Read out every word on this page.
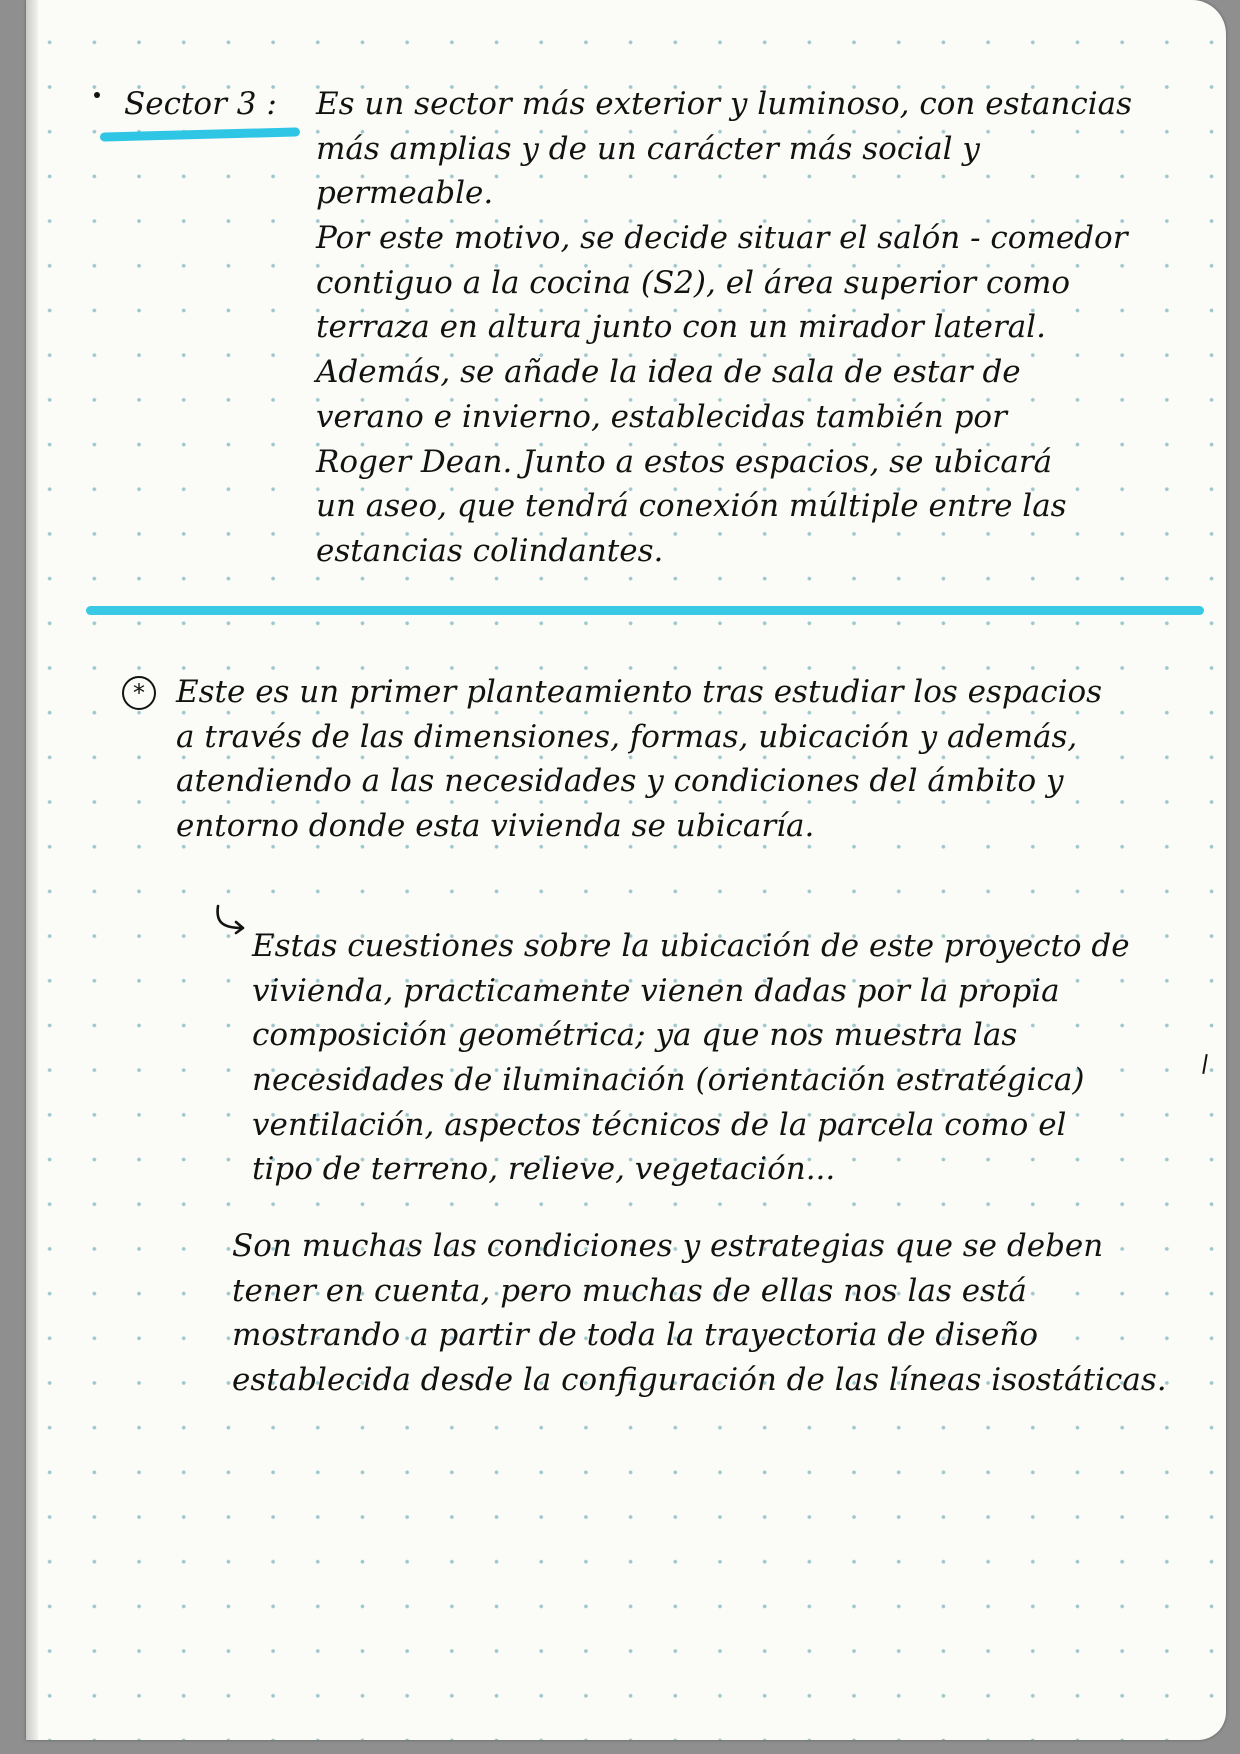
Sector 3 : Es un sector más exterior y luminoso, con estancias
más amplias y de un carácter más social y
permeable.
Por este motivo, se decide situar el salón - comedor
contiguo a la cocina (S2), el área superior como
terraza en altura junto con un mirador lateral.
Además, se añade la idea de sala de estar de
verano e invierno, establecidas también por
Roger Dean. Junto a estos espacios, se ubicará
un aseo, que tendrá conexión múltiple entre las
estancias colindantes.
*	Este es un primer planteamiento tras estudiar los espacios
a través de las dimensiones, formas, ubicación y además,
atendiendo a las necesidades y condiciones del ámbito y
entorno donde esta vivienda se ubicaría.
Estas cuestiones sobre la ubicación de este proyecto de
vivienda, practicamente vienen dadas por la propia
composición geométrica; ya que nos muestra las
necesidades de iluminación (orientación estratégica)
ventilación, aspectos técnicos de la parcela como el
tipo de terreno, relieve, vegetación...
Son muchas las condiciones y estrategias que se deben
tener en cuenta, pero muchas de ellas nos las está
mostrando a partir de toda la trayectoria de diseño
establecida desde la configuración de las líneas isostáticas.
